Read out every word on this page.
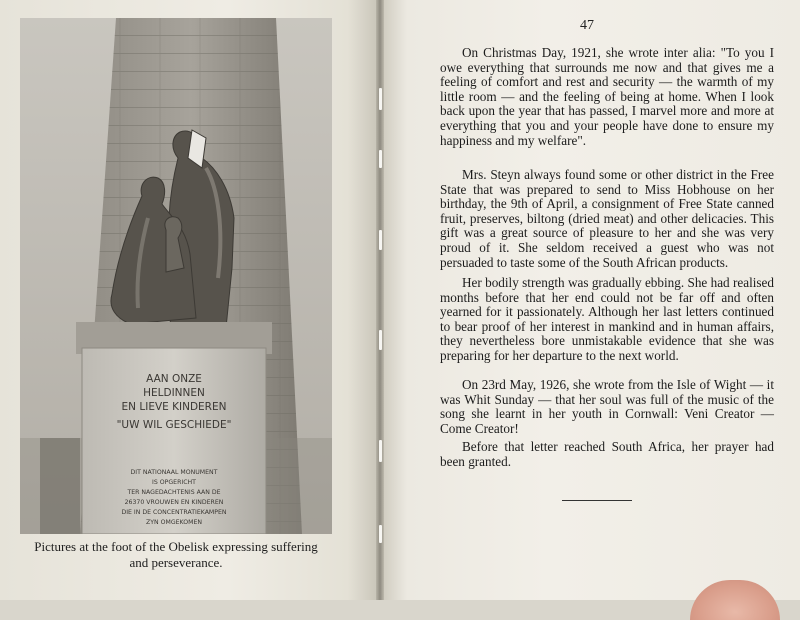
AAN ONZE
HELDINNEN
EN LIEVE KINDEREN
"UW WIL GESCHIEDE"
DIT NATIONAAL MONUMENT
IS OPGERICHT
TER NAGEDACHTENIS AAN DE
26370 VROUWEN EN KINDEREN
DIE IN DE CONCENTRATIEKAMPEN
ZYN OMGEKOMEN
Pictures at the foot of the Obelisk expressing suffering
and perseverance.
47
On Christmas Day, 1921, she wrote inter alia: "To you I owe everything that surrounds me now and that gives me a feeling of comfort and rest and security — the warmth of my little room — and the feeling of being at home. When I look back upon the year that has passed, I marvel more and more at everything that you and your people have done to ensure my happiness and my welfare".
Mrs. Steyn always found some or other district in the Free State that was prepared to send to Miss Hobhouse on her birthday, the 9th of April, a consignment of Free State canned fruit, preserves, biltong (dried meat) and other delicacies. This gift was a great source of pleasure to her and she was very proud of it. She seldom received a guest who was not persuaded to taste some of the South African products.
Her bodily strength was gradually ebbing. She had realised months before that her end could not be far off and often yearned for it passionately. Although her last letters continued to bear proof of her interest in mankind and in human affairs, they nevertheless bore unmistakable evidence that she was preparing for her departure to the next world.
On 23rd May, 1926, she wrote from the Isle of Wight — it was Whit Sunday — that her soul was full of the music of the song she learnt in her youth in Cornwall: Veni Creator — Come Creator!
Before that letter reached South Africa, her prayer had been granted.
